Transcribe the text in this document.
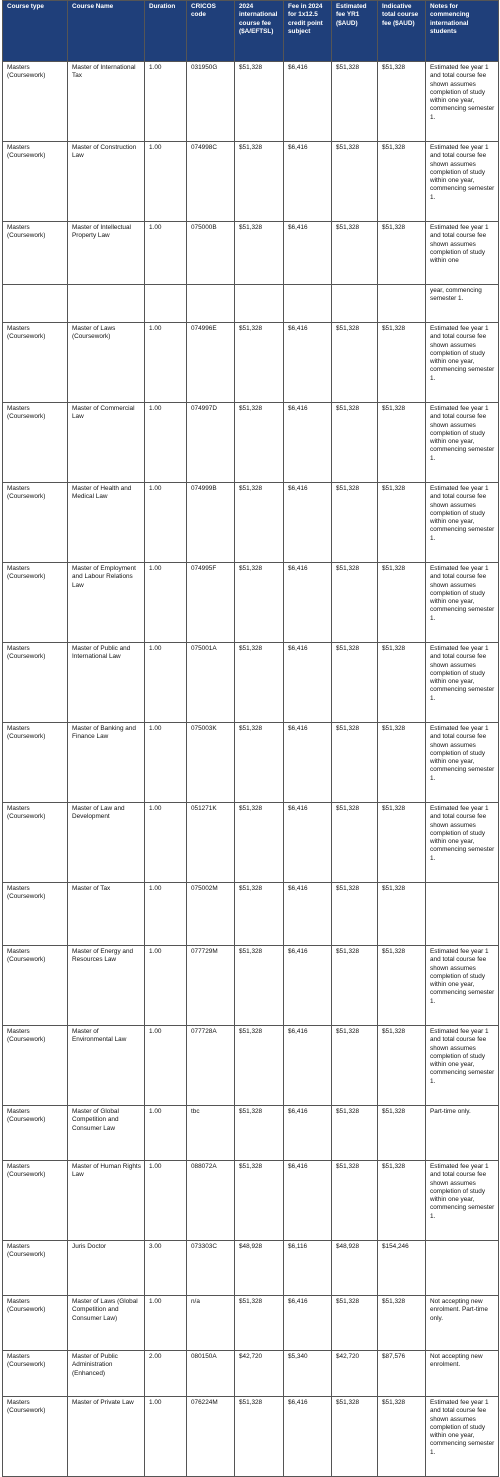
Course type	Course Name	Duration	CRICOS code	2024 international course fee ($A/EFTSL)	Fee in 2024 for 1x12.5 credit point subject	Estimated fee YR1 ($AUD)	Indicative total course fee ($AUD)	Notes for commencing international students
Masters (Coursework)	Master of International Tax	1.00	031950G	$51,328	$6,416	$51,328	$51,328	Estimated fee year 1 and total course fee shown assumes completion of study within one year, commencing semester 1.
Masters (Coursework)	Master of Construction Law	1.00	074998C	$51,328	$6,416	$51,328	$51,328	Estimated fee year 1 and total course fee shown assumes completion of study within one year, commencing semester 1.
Masters (Coursework)	Master of Intellectual Property Law	1.00	075000B	$51,328	$6,416	$51,328	$51,328	Estimated fee year 1 and total course fee shown assumes completion of study within one
								year, commencing semester 1.
Masters (Coursework)	Master of Laws (Coursework)	1.00	074996E	$51,328	$6,416	$51,328	$51,328	Estimated fee year 1 and total course fee shown assumes completion of study within one year, commencing semester 1.
Masters (Coursework)	Master of Commercial Law	1.00	074997D	$51,328	$6,416	$51,328	$51,328	Estimated fee year 1 and total course fee shown assumes completion of study within one year, commencing semester 1.
Masters (Coursework)	Master of Health and Medical Law	1.00	074999B	$51,328	$6,416	$51,328	$51,328	Estimated fee year 1 and total course fee shown assumes completion of study within one year, commencing semester 1.
Masters (Coursework)	Master of Employment and Labour Relations Law	1.00	074995F	$51,328	$6,416	$51,328	$51,328	Estimated fee year 1 and total course fee shown assumes completion of study within one year, commencing semester 1.
Masters (Coursework)	Master of Public and International Law	1.00	075001A	$51,328	$6,416	$51,328	$51,328	Estimated fee year 1 and total course fee shown assumes completion of study within one year, commencing semester 1.
Masters (Coursework)	Master of Banking and Finance Law	1.00	075003K	$51,328	$6,416	$51,328	$51,328	Estimated fee year 1 and total course fee shown assumes completion of study within one year, commencing semester 1.
Masters (Coursework)	Master of Law and Development	1.00	051271K	$51,328	$6,416	$51,328	$51,328	Estimated fee year 1 and total course fee shown assumes completion of study within one year, commencing semester 1.
Masters (Coursework)	Master of Tax	1.00	075002M	$51,328	$6,416	$51,328	$51,328	
Masters (Coursework)	Master of Energy and Resources Law	1.00	077729M	$51,328	$6,416	$51,328	$51,328	Estimated fee year 1 and total course fee shown assumes completion of study within one year, commencing semester 1.
Masters (Coursework)	Master of Environmental Law	1.00	077728A	$51,328	$6,416	$51,328	$51,328	Estimated fee year 1 and total course fee shown assumes completion of study within one year, commencing semester 1.
Masters (Coursework)	Master of Global Competition and Consumer Law	1.00	tbc	$51,328	$6,416	$51,328	$51,328	Part-time only.
Masters (Coursework)	Master of Human Rights Law	1.00	088072A	$51,328	$6,416	$51,328	$51,328	Estimated fee year 1 and total course fee shown assumes completion of study within one year, commencing semester 1.
Masters (Coursework)	Juris Doctor	3.00	073303C	$48,928	$6,116	$48,928	$154,246	
Masters (Coursework)	Master of Laws (Global Competition and Consumer Law)	1.00	n/a	$51,328	$6,416	$51,328	$51,328	Not accepting new enrolment. Part-time only.
Masters (Coursework)	Master of Public Administration (Enhanced)	2.00	080150A	$42,720	$5,340	$42,720	$87,576	Not accepting new enrolment.
Masters (Coursework)	Master of Private Law	1.00	076224M	$51,328	$6,416	$51,328	$51,328	Estimated fee year 1 and total course fee shown assumes completion of study within one year, commencing semester 1.
